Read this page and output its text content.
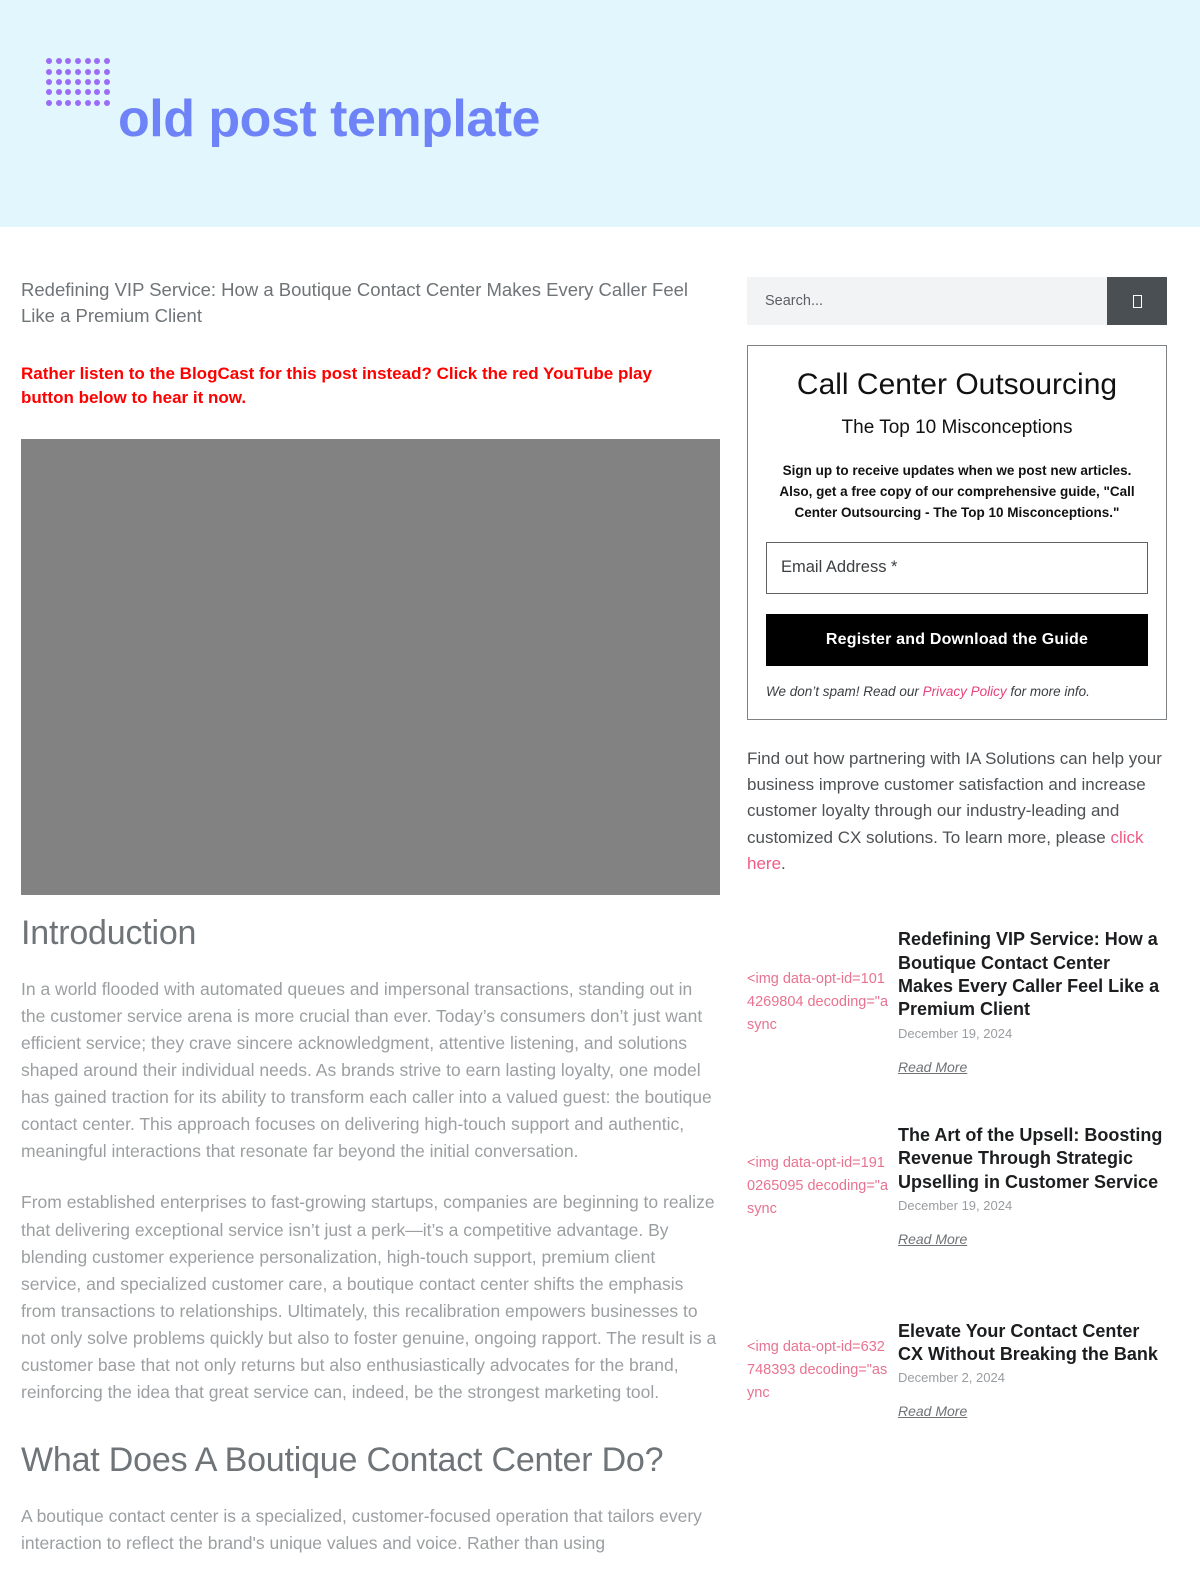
old post template
Redefining VIP Service: How a Boutique Contact Center Makes Every Caller Feel Like a Premium Client

Rather listen to the BlogCast for this post instead? Click the red YouTube play button below to hear it now.

Introduction

In a world flooded with automated queues and impersonal transactions, standing out in the customer service arena is more crucial than ever. Today’s consumers don’t just want efficient service; they crave sincere acknowledgment, attentive listening, and solutions shaped around their individual needs. As brands strive to earn lasting loyalty, one model has gained traction for its ability to transform each caller into a valued guest: the boutique contact center. This approach focuses on delivering high-touch support and authentic, meaningful interactions that resonate far beyond the initial conversation.

From established enterprises to fast-growing startups, companies are beginning to realize that delivering exceptional service isn’t just a perk—it’s a competitive advantage. By blending customer experience personalization, high-touch support, premium client service, and specialized customer care, a boutique contact center shifts the emphasis from transactions to relationships. Ultimately, this recalibration empowers businesses to not only solve problems quickly but also to foster genuine, ongoing rapport. The result is a customer base that not only returns but also enthusiastically advocates for the brand, reinforcing the idea that great service can, indeed, be the strongest marketing tool.

What Does A Boutique Contact Center Do?

A boutique contact center is a specialized, customer-focused operation that tailors every interaction to reflect the brand's unique values and voice. Rather than using

Search...
Call Center Outsourcing
The Top 10 Misconceptions
Sign up to receive updates when we post new articles. Also, get a free copy of our comprehensive guide, "Call Center Outsourcing - The Top 10 Misconceptions."
Email Address * Register and Download the Guide

We don’t spam! Read our Privacy Policy for more info.

Find out how partnering with IA Solutions can help your business improve customer satisfaction and increase customer loyalty through our industry-leading and customized CX solutions. To learn more, please click here.

<img data-opt-id=1014269804 decoding="async
Redefining VIP Service: How a Boutique Contact Center Makes Every Caller Feel Like a Premium Client
December 19, 2024
Read More
<img data-opt-id=1910265095 decoding="async
The Art of the Upsell: Boosting Revenue Through Strategic Upselling in Customer Service
December 19, 2024
Read More
<img data-opt-id=632748393 decoding="async
Elevate Your Contact Center CX Without Breaking the Bank
December 2, 2024
Read More
